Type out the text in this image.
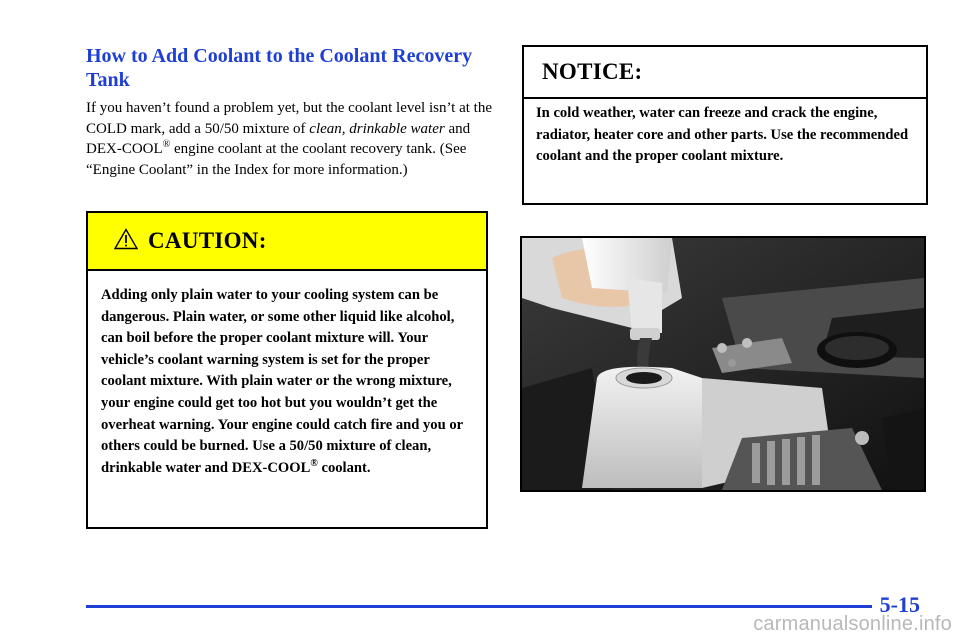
How to Add Coolant to the Coolant Recovery Tank

If you haven’t found a problem yet, but the coolant level isn’t at the COLD mark, add a 50/50 mixture of clean, drinkable water and DEX-COOL® engine coolant at the coolant recovery tank. (See “Engine Coolant” in the Index for more information.)

CAUTION:

Adding only plain water to your cooling system can be dangerous. Plain water, or some other liquid like alcohol, can boil before the proper coolant mixture will. Your vehicle’s coolant warning system is set for the proper coolant mixture. With plain water or the wrong mixture, your engine could get too hot but you wouldn’t get the overheat warning. Your engine could catch fire and you or others could be burned. Use a 50/50 mixture of clean, drinkable water and DEX-COOL® coolant.

NOTICE:

In cold weather, water can freeze and crack the engine, radiator, heater core and other parts. Use the recommended coolant and the proper coolant mixture.

5-15
carmanualsonline.info
